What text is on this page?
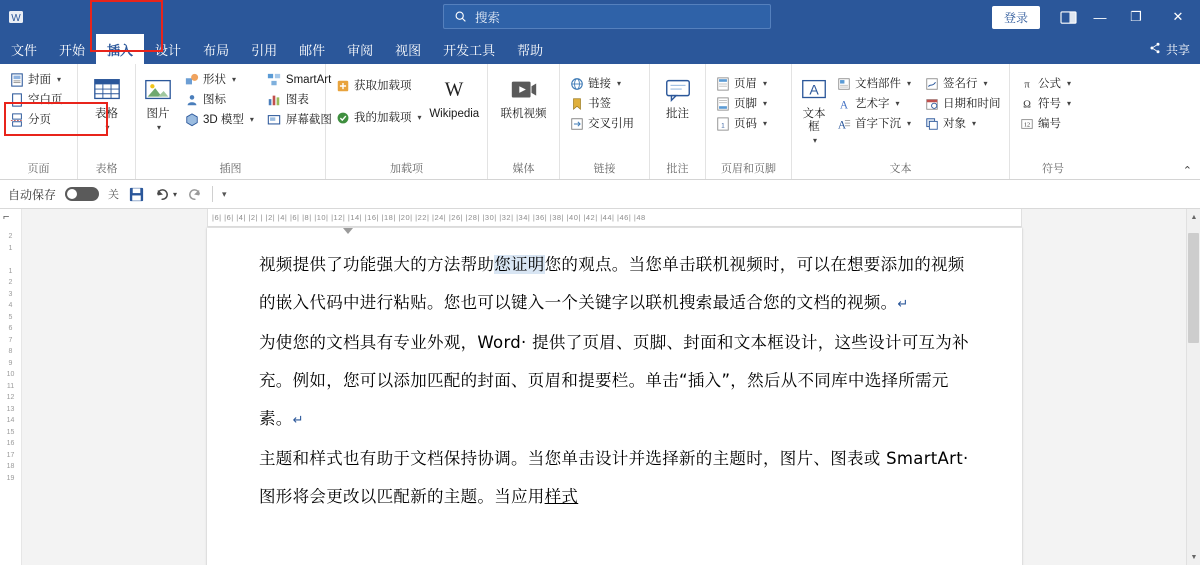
W	搜索	登录	—	❐	✕
文件	开始	插入	设计	布局	引用	邮件	审阅	视图	开发工具	帮助	共享
封面 ▾
空白页
分页
页面
表格
▾
表格
图片
▾
形状 ▾
图标
3D 模型 ▾
SmartArt
图表
屏幕截图
插图
获取加载项
我的加载项 ▾
W
Wikipedia
加载项
联机视频
媒体
链接 ▾
书签
交叉引用
链接
批注
批注
页眉 ▾
页脚 ▾
1 页码 ▾
页眉和页脚
A
文本框
▾
文档部件 ▾
A 艺术字 ▾
A 首字下沉 ▾
签名行 ▾
日期和时间
对象 ▾
文本
π 公式 ▾
Ω 符号 ▾
12 编号
符号	⌃
自动保存	关	▾	▾
⌐
2
1

1
2
3
4
5
6
7
8
9
10
11
12
13
14
15
16
17
18
19
|6| |6| |4| |2| | |2| |4| |6| |8| |10| |12| |14| |16| |18| |20| |22| |24| |26| |28| |30| |32| |34| |36| |38| |40| |42| |44| |46| |48

视频提供了功能强大的方法帮助您证明您的观点。当您单击联机视频时，可以在想要添加的视频的嵌入代码中进行粘贴。您也可以键入一个关键字以联机搜索最适合您的文档的视频。↵

为使您的文档具有专业外观，Word· 提供了页眉、页脚、封面和文本框设计，这些设计可互为补充。例如，您可以添加匹配的封面、页眉和提要栏。单击“插入”，然后从不同库中选择所需元素。↵

主题和样式也有助于文档保持协调。当您单击设计并选择新的主题时，图片、图表或 SmartArt· 图形将会更改以匹配新的主题。当应用样式

▲
▼
